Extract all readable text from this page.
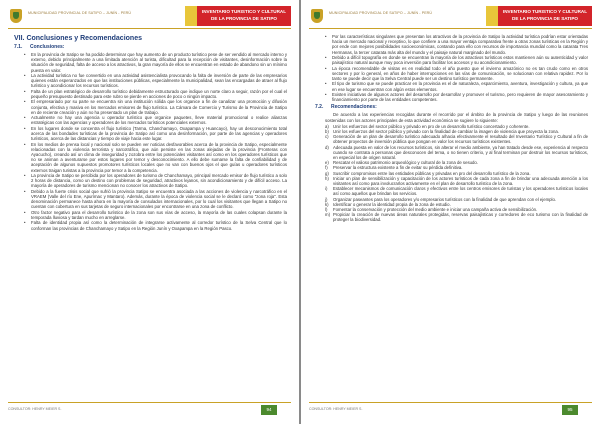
MUNICIPALIDAD PROVINCIAL DE SATIPO – JUNÍN - PERÚ	INVENTARIO TURISTICO Y CULTURAL
DE LA PROVINCIA DE SATIPO
VII. Conclusiones y Recomendaciones
7.1. Conclusiones:
• En la provincia de Satipo se ha podido determinar que hay aumento de un producto turístico pese de ser vendido al mercado interno y externo, debido principalmente a una limitada atención al turista, dificultad para la recepción de visitantes, desinformación sobre la situación de seguridad, falta de acceso a los atractivos, la gran mayoría de ellos se encuentran en estado de abandono sin un mínimo puesta en valor.
• La actividad turística no fue convertido en una actividad asistencialista provocando la falta de inversión de parte de las empresarios quienes están esperanzados en que las instituciones públicas, especialmente la municipalidad, sean las encargadas de atraer al flujo turístico y acondicionar los recursos turísticos.
• Falta de un plan estratégico de desarrollo turístico debidamente estructurado que indique un norte claro a seguir, razón por el cual el pequeño presupuesto destinado para este rubro se pierde en acciones de poco o ningún impacto.
• El empresariado por su parte se encuentra sin una institución sólida que los organice a fin de canalizar una promoción y difusión conjunta, efectiva y masiva en los mercados emisores de flujo turístico. La Cámara de Comercio y Turismo de la Provincia de Satipo en de reciente creación y aún no ha presentado un plan de trabajo.
• Actualmente no hay una agencia u operador turístico que organice paquetes, lleve material promocional o realice alianzas estratégicas con las agencias y operadores de los mercados turísticos potenciales externos.
• En los lugares donde se concentra el flujo turístico (Tarma, Chanchamayo, Oxapampa y Huancayo), hay un desconocimiento total acerca de las bondades turísticas de la provincia de Satipo así como una desinformación, por parte de las agencias y operadores turísticos, acerca de las distancias y tiempo de viaje hacia este lugar.
• En los medios de prensa local y nacional solo se pueden ver noticias desfavorables acerca de la provincia de Satipo, especialmente relacionadas con la violencia terrorista y narcotráfico, que aún persiste en las zonas alejadas de la provincia (Fronteras con Ayacucho), creando así un clima de inseguridad y zozobra entre los potenciales visitantes así como en los operadores turísticos que no se animan a aventurarse por estos lugares por temor y desconocimiento. A ello debe sumarse la falta de confiabilidad y de aceptación de algunos supuestos promotores turísticos locales que no van con buenos ojos el que guías u operadores turísticos externos traigan turistas a la provincia por temor a la competencia.
• La provincia de Satipo se percibida por los operadores de turismo de Chanchamayo, principal mercado emisor de flujo turístico a solo 2 horas de distancia, como un destino con problemas de seguridad, atractivos lejanos, sin acondicionamiento y de difícil acceso. La mayoría de operadores de turismo mencionan no conocer los atractivos de Satipo.
• Debido a la fuerte crisis social que sufrió la provincia Satipo se encuentra asociada a las acciones de violencia y narcotráfico en el VRAEM (Valle del río Ene, Apurímac y Mantaro). Además, durante la época de violencia social se le declaró como "zona roja". Esta denominación permanece hasta ahora en la mayoría de consulados internacionales, por lo cual los visitantes que llegan a Satipo no cuentan con cobertura en sus tarjetas de seguro internacionales por encontrarse en una zona de conflicto.
• Otro factor negativo para el desarrollo turístico de la zona son sus vías de acceso, la mayoría de las cuales colapsan durante la temporada lluviosa y tardan mucho en arreglarse.
• Falta de identidad propia así como la determinación de integrarse activamente al corredor turístico de la Selva Central que lo conforman las provincias de Chanchamayo y Satipo en la Región Junín y Oxapampa en la Región Pasco.
CONSULTOR: HENRY MEIER S.	94
MUNICIPALIDAD PROVINCIAL DE SATIPO – JUNÍN - PERÚ	INVENTARIO TURISTICO Y CULTURAL
DE LA PROVINCIA DE SATIPO
• Por las características singulares que presentan los atractivos de la provincia de Satipo la actividad turística podrían estar orientadas hacia un mercado nacional y receptivo, lo que confiere a una mayor ventaja comparativa frente a otras zonas turísticas en la Región y por ende con mejores posibilidades socioeconómicas, contando para ello con recursos de importancia mundial como la catarata Tres Hermanas, la tercer catarata más alta del mundo y el paisaje natural marginado del mundo.
• Debido a difícil topografía en donde se encuentran la mayoría de los atractivos turísticos estos mantienen aún su autenticidad y valor paisajístico natural aunque muy poca inversión para facilitar los accesos y su acondicionamiento.
• La época recomendable de visitas es en realidad todo el año puesto que el invierno amazónico no es tan crudo como en otros sectores y por lo general, en años de haber interrupciones en las vías de comunicación, se solucionan con relativa rapidez. Por lo tanto se puede decir que la Selva Central puede ser un destino turístico permanente.
• El tipo de turismo que se puede practicar en la provincia es el de naturaleza, esparcimiento, aventura, investigación y cultura, ya que en ese lugar se encuentran con algún estos elementos.
• Existen iniciativas de algunos actores del desarrollo por desarrollar y promover el turismo, pero requieren de mayor asesoramiento y financiamiento por parte de las entidades competentes.
7.2. Recomendaciones:

De acuerdo a las experiencias recogidas durante el recorrido por el ámbito de la provincia de Satipo y luego de las reuniones sostenidas con los actores principales de esta actividad económica se sugiere lo siguiente:

a) Unir los esfuerzos del sector público y privado en pro de un desarrollo turístico concertado y coherente.
b) Unir los esfuerzos del sector público y privado con la finalidad de cambiar la imagen de violencia que proyecta la zona.
c) Generación de un plan de desarrollo turístico adecuado a/hacia efectivamente el resultado del Inventario Turístico y Cultural a fin de obtener proyectos de inversión pública que pongan en valor los recursos turísticos existentes.
d) Adecuada puesta en valor de los recursos turísticos, sin alterar el medio ambiente, ya han tratado desde ese, experiencia al respecto cuando se contrata a personas que desconocen del tema, o no tienen criterio, y al final terminan por destruir los recursos turísticos, en especial los de origen natural.
e) Rescatar el valioso patrimonio arqueológico y cultural de la zona de sesudo.
f) Preservar la estructura existente a fin de evitar su pérdida definitiva.
g) Suscribir compromisos entre las entidades públicas y privadas en pro del desarrollo turístico de la zona.
h) Iniciar un plan de sensibilización y capacitación de los actores turísticos de cada zona a fin de brindar una adecuada atención a los visitantes así como para involucrarlos activamente en el plan de desarrollo turístico de la zona.
i) Establecer mecanismos de comunicación claros y efectivos entre los centros emisores de turistas y los operadores turísticos locales así como aquellos que brindan los servicios.
j) Organizar paseantes para los operadores y/o empresarios turísticos con la finalidad de que aprendan con el ejemplo.
k) Identificar o generar la identidad propia de la zona de estudio.
l) Fomentar la conservación y protección del medio ambiente e iniciar una campaña activa de sensibilización.
m) Propiciar la creación de nuevas áreas naturales protegidas, reservas paisajísticas y corredores de eco turismo con la finalidad de proteger la biodiversidad.
CONSULTOR: HENRY MEIER S.	95
